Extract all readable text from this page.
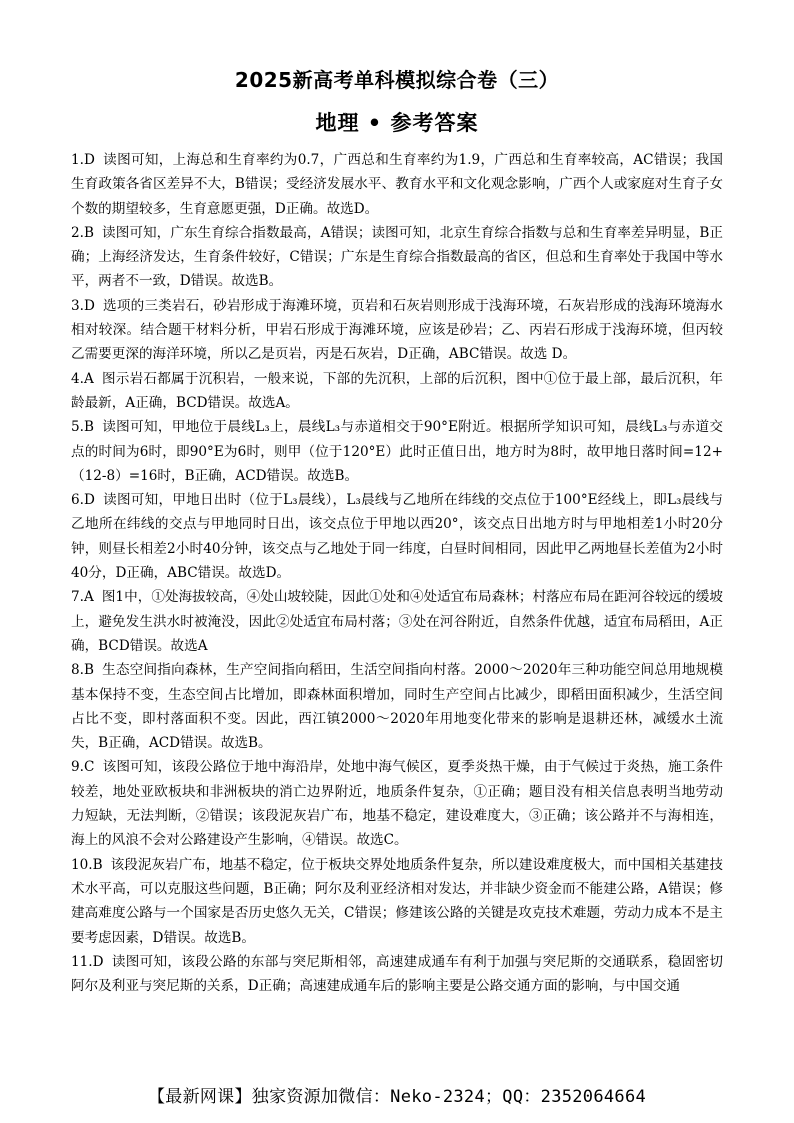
2025新高考单科模拟综合卷（三）
地理 • 参考答案

1.D 读图可知，上海总和生育率约为0.7，广西总和生育率约为1.9，广西总和生育率较高，AC错误；我国生育政策各省区差异不大，B错误；受经济发展水平、教育水平和文化观念影响，广西个人或家庭对生育子女个数的期望较多，生育意愿更强，D正确。故选D。

2.B 读图可知，广东生育综合指数最高，A错误；读图可知，北京生育综合指数与总和生育率差异明显，B正确；上海经济发达，生育条件较好，C错误；广东是生育综合指数最高的省区，但总和生育率处于我国中等水平，两者不一致，D错误。故选B。

3.D 选项的三类岩石，砂岩形成于海滩环境，页岩和石灰岩则形成于浅海环境，石灰岩形成的浅海环境海水相对较深。结合题干材料分析，甲岩石形成于海滩环境，应该是砂岩；乙、丙岩石形成于浅海环境，但丙较乙需要更深的海洋环境，所以乙是页岩，丙是石灰岩，D正确，ABC错误。故选 D。

4.A 图示岩石都属于沉积岩，一般来说，下部的先沉积，上部的后沉积，图中①位于最上部，最后沉积，年龄最新，A正确，BCD错误。故选A。

5.B 读图可知，甲地位于晨线L₃上，晨线L₃与赤道相交于90°E附近。根据所学知识可知，晨线L₃与赤道交点的时间为6时，即90°E为6时，则甲（位于120°E）此时正值日出，地方时为8时，故甲地日落时间=12+（12-8）=16时，B正确，ACD错误。故选B。

6.D 读图可知，甲地日出时（位于L₃晨线），L₃晨线与乙地所在纬线的交点位于100°E经线上，即L₃晨线与乙地所在纬线的交点与甲地同时日出，该交点位于甲地以西20°，该交点日出地方时与甲地相差1小时20分钟，则昼长相差2小时40分钟，该交点与乙地处于同一纬度，白昼时间相同，因此甲乙两地昼长差值为2小时40分，D正确，ABC错误。故选D。

7.A 图1中，①处海拔较高，④处山坡较陡，因此①处和④处适宜布局森林；村落应布局在距河谷较远的缓坡上，避免发生洪水时被淹没，因此②处适宜布局村落；③处在河谷附近，自然条件优越，适宜布局稻田，A正确，BCD错误。故选A

8.B 生态空间指向森林，生产空间指向稻田，生活空间指向村落。2000～2020年三种功能空间总用地规模基本保持不变，生态空间占比增加，即森林面积增加，同时生产空间占比减少，即稻田面积减少，生活空间占比不变，即村落面积不变。因此，西江镇2000～2020年用地变化带来的影响是退耕还林，减缓水土流失，B正确，ACD错误。故选B。

9.C 该图可知，该段公路位于地中海沿岸，处地中海气候区，夏季炎热干燥，由于气候过于炎热，施工条件较差，地处亚欧板块和非洲板块的消亡边界附近，地质条件复杂，①正确；题目没有相关信息表明当地劳动力短缺，无法判断，②错误；该段泥灰岩广布，地基不稳定，建设难度大，③正确；该公路并不与海相连，海上的风浪不会对公路建设产生影响，④错误。故选C。

10.B 该段泥灰岩广布，地基不稳定，位于板块交界处地质条件复杂，所以建设难度极大，而中国相关基建技术水平高，可以克服这些问题，B正确；阿尔及利亚经济相对发达，并非缺少资金而不能建公路，A错误；修建高难度公路与一个国家是否历史悠久无关，C错误；修建该公路的关键是攻克技术难题，劳动力成本不是主要考虑因素，D错误。故选B。

11.D 读图可知，该段公路的东部与突尼斯相邻，高速建成通车有利于加强与突尼斯的交通联系，稳固密切阿尔及利亚与突尼斯的关系，D正确；高速建成通车后的影响主要是公路交通方面的影响，与中国交通

【最新网课】独家资源加微信：Neko-2324；QQ：2352064664
